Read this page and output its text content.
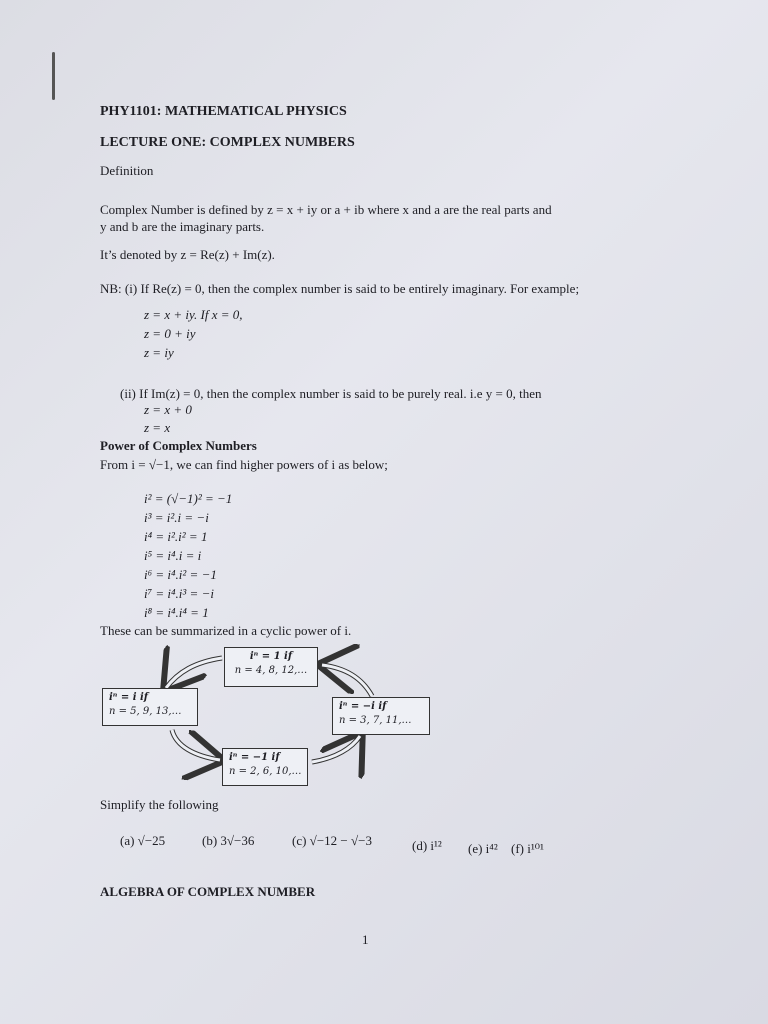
PHY1101: MATHEMATICAL PHYSICS
LECTURE ONE: COMPLEX NUMBERS
Definition
Complex Number is defined by z = x + iy or a + ib where x and a are the real parts and
y and b are the imaginary parts.
It’s denoted by z = Re(z) + Im(z).
NB: (i) If Re(z) = 0, then the complex number is said to be entirely imaginary. For example;
z = x + iy. If x = 0,
z = 0 + iy
z = iy
(ii) If Im(z) = 0, then the complex number is said to be purely real. i.e y = 0, then
z = x + 0
z = x
Power of Complex Numbers
From i = √−1, we can find higher powers of i as below;
i² = (√−1)² = −1
i³ = i².i = −i
i⁴ = i².i² = 1
i⁵ = i⁴.i = i
i⁶ = i⁴.i² = −1
i⁷ = i⁴.i³ = −i
i⁸ = i⁴.i⁴ = 1
These can be summarized in a cyclic power of i.
iⁿ = 1 if
n = 4, 8, 12,…
iⁿ = i if
n = 5, 9, 13,…	iⁿ = −i if
n = 3, 7, 11,…
iⁿ = −1 if
n = 2, 6, 10,…
Simplify the following
(a) √−25	(b) 3√−36	(c) √−12 − √−3	(d) i¹² (e) i⁴² (f) i¹⁰¹
ALGEBRA OF COMPLEX NUMBER
1
